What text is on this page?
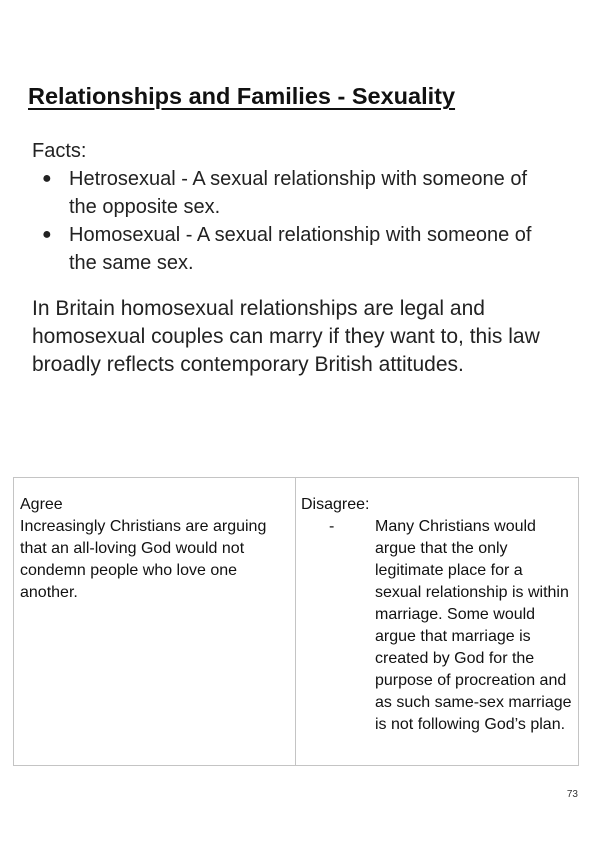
Relationships and Families - Sexuality
Facts:
● Hetrosexual - A sexual relationship with someone of the opposite sex.
● Homosexual - A sexual relationship with someone of the same sex.

In Britain homosexual relationships are legal and homosexual couples can marry if they want to, this law broadly reflects contemporary British attitudes.

Agree
Increasingly Christians are arguing that an all-loving God would not condemn people who love one another.
Disagree:
-	Many Christians would argue that the only legitimate place for a sexual relationship is within marriage. Some would argue that marriage is created by God for the purpose of procreation and as such same-sex marriage is not following God’s plan.
73
